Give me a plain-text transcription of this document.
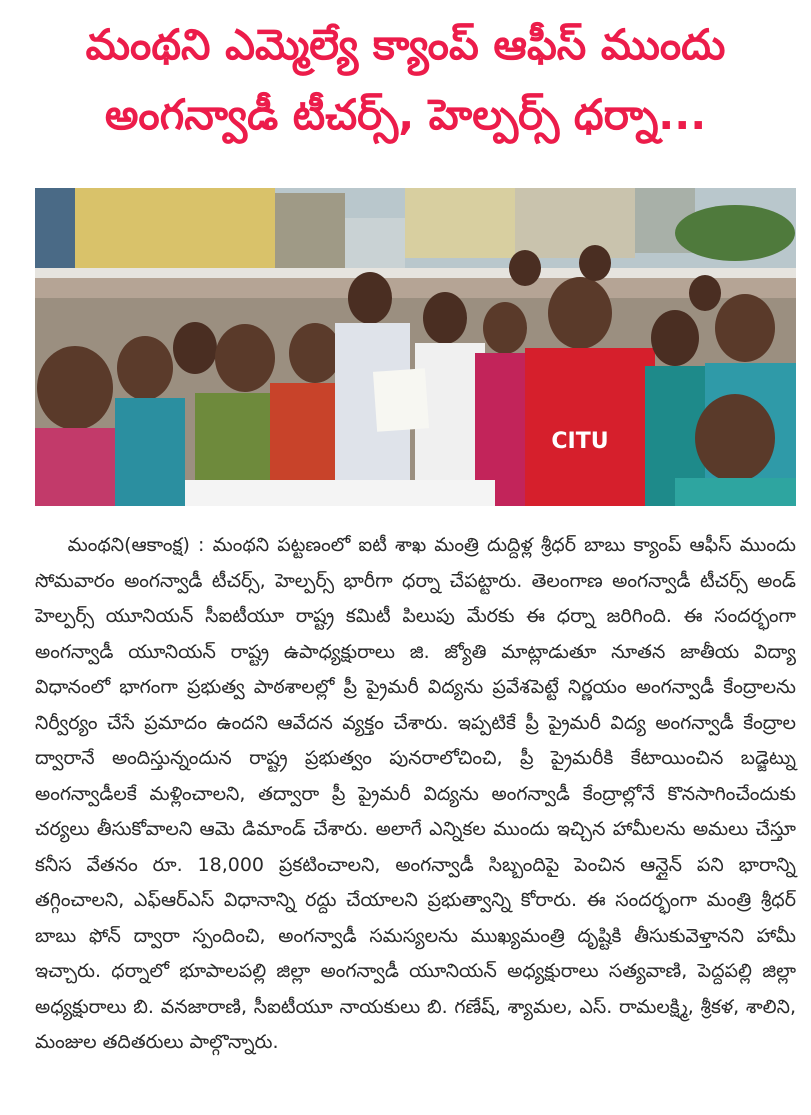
మంథని ఎమ్మెల్యే క్యాంప్ ఆఫీస్ ముందు
అంగన్వాడీ టీచర్స్, హెల్పర్స్ ధర్నా...
CITU

మంథని(ఆకాంక్ష) : మంథని పట్టణంలో ఐటీ శాఖ మంత్రి దుద్దిళ్ల శ్రీధర్ బాబు క్యాంప్ ఆఫీస్ ముందు సోమవారం అంగన్వాడీ టీచర్స్, హెల్పర్స్ భారీగా ధర్నా చేపట్టారు. తెలంగాణ అంగన్వాడీ టీచర్స్ అండ్ హెల్పర్స్ యూనియన్ సీఐటీయూ రాష్ట్ర కమిటీ పిలుపు మేరకు ఈ ధర్నా జరిగింది. ఈ సందర్భంగా అంగన్వాడీ యూనియన్ రాష్ట్ర ఉపాధ్యక్షురాలు జి. జ్యోతి మాట్లాడుతూ నూతన జాతీయ విద్యా విధానంలో భాగంగా ప్రభుత్వ పాఠశాలల్లో ప్రీ ప్రైమరీ విద్యను ప్రవేశపెట్టే నిర్ణయం అంగన్వాడీ కేంద్రాలను నిర్వీర్యం చేసే ప్రమాదం ఉందని ఆవేదన వ్యక్తం చేశారు. ఇప్పటికే ప్రీ ప్రైమరీ విద్య అంగన్వాడీ కేంద్రాల ద్వారానే అందిస్తున్నందున రాష్ట్ర ప్రభుత్వం పునరాలోచించి, ప్రీ ప్రైమరీకి కేటాయించిన బడ్జెట్ను అంగన్వాడీలకే మళ్లించాలని, తద్వారా ప్రీ ప్రైమరీ విద్యను అంగన్వాడీ కేంద్రాల్లోనే కొనసాగించేందుకు చర్యలు తీసుకోవాలని ఆమె డిమాండ్ చేశారు. అలాగే ఎన్నికల ముందు ఇచ్చిన హామీలను అమలు చేస్తూ కనీస వేతనం రూ. 18,000 ప్రకటించాలని, అంగన్వాడీ సిబ్బందిపై పెంచిన ఆన్లైన్ పని భారాన్ని తగ్గించాలని, ఎఫ్ఆర్ఎస్ విధానాన్ని రద్దు చేయాలని ప్రభుత్వాన్ని కోరారు. ఈ సందర్భంగా మంత్రి శ్రీధర్ బాబు ఫోన్ ద్వారా స్పందించి, అంగన్వాడీ సమస్యలను ముఖ్యమంత్రి దృష్టికి తీసుకువెళ్తానని హామీ ఇచ్చారు. ధర్నాలో భూపాలపల్లి జిల్లా అంగన్వాడీ యూనియన్ అధ్యక్షురాలు సత్యవాణి, పెద్దపల్లి జిల్లా అధ్యక్షురాలు బి. వనజారాణి, సీఐటీయూ నాయకులు బి. గణేష్, శ్యామల, ఎస్. రామలక్ష్మి, శ్రీకళ, శాలిని, మంజుల తదితరులు పాల్గొన్నారు.
